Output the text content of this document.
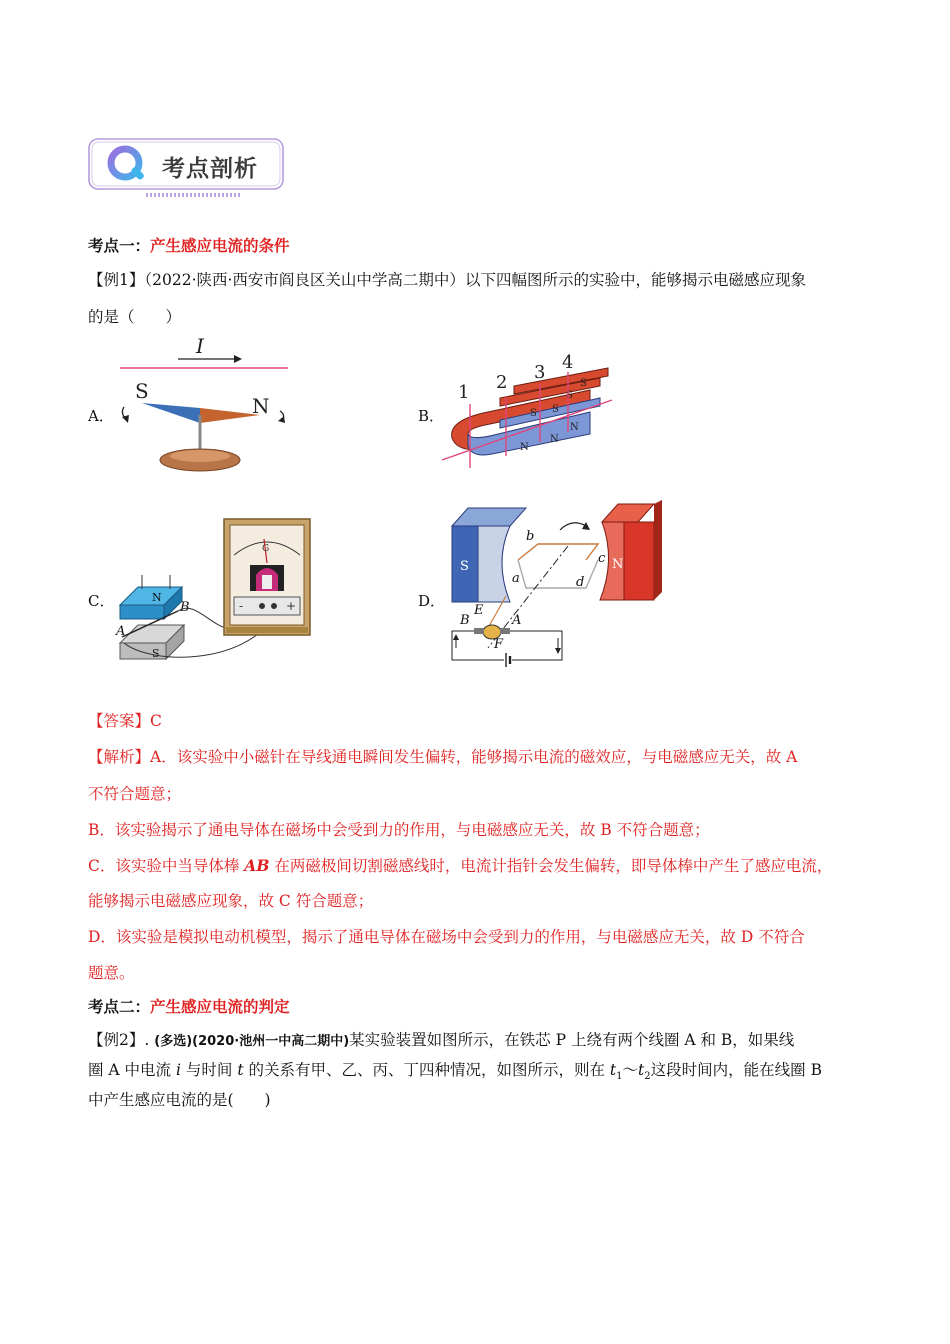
考点剖析
考点一：产生感应电流的条件
【例1】（2022·陕西·西安市阎良区关山中学高二期中）以下四幅图所示的实验中，能够揭示电磁感应现象
的是（　　）
A．
I
S
N	B．	S S
S
S
N
N
N
1 2 3 4
C．	N
S
A
B
G
-	+	D．
S	N
b
a
c
d
B
E
A
F
【答案】C
【解析】A．该实验中小磁针在导线通电瞬间发生偏转，能够揭示电流的磁效应，与电磁感应无关，故 A
不符合题意；
B．该实验揭示了通电导体在磁场中会受到力的作用，与电磁感应无关，故 B 不符合题意；
C．该实验中当导体棒 AB 在两磁极间切割磁感线时，电流计指针会发生偏转，即导体棒中产生了感应电流，
能够揭示电磁感应现象，故 C 符合题意；
D．该实验是模拟电动机模型，揭示了通电导体在磁场中会受到力的作用，与电磁感应无关，故 D 不符合
题意。
考点二：产生感应电流的判定
【例2】. (多选)(2020·池州一中高二期中)某实验装置如图所示，在铁芯 P 上绕有两个线圈 A 和 B，如果线
圈 A 中电流 i 与时间 t 的关系有甲、乙、丙、丁四种情况，如图所示，则在 $t_1\sim t_2$这段时间内，能在线圈 B
中产生感应电流的是(　　)
